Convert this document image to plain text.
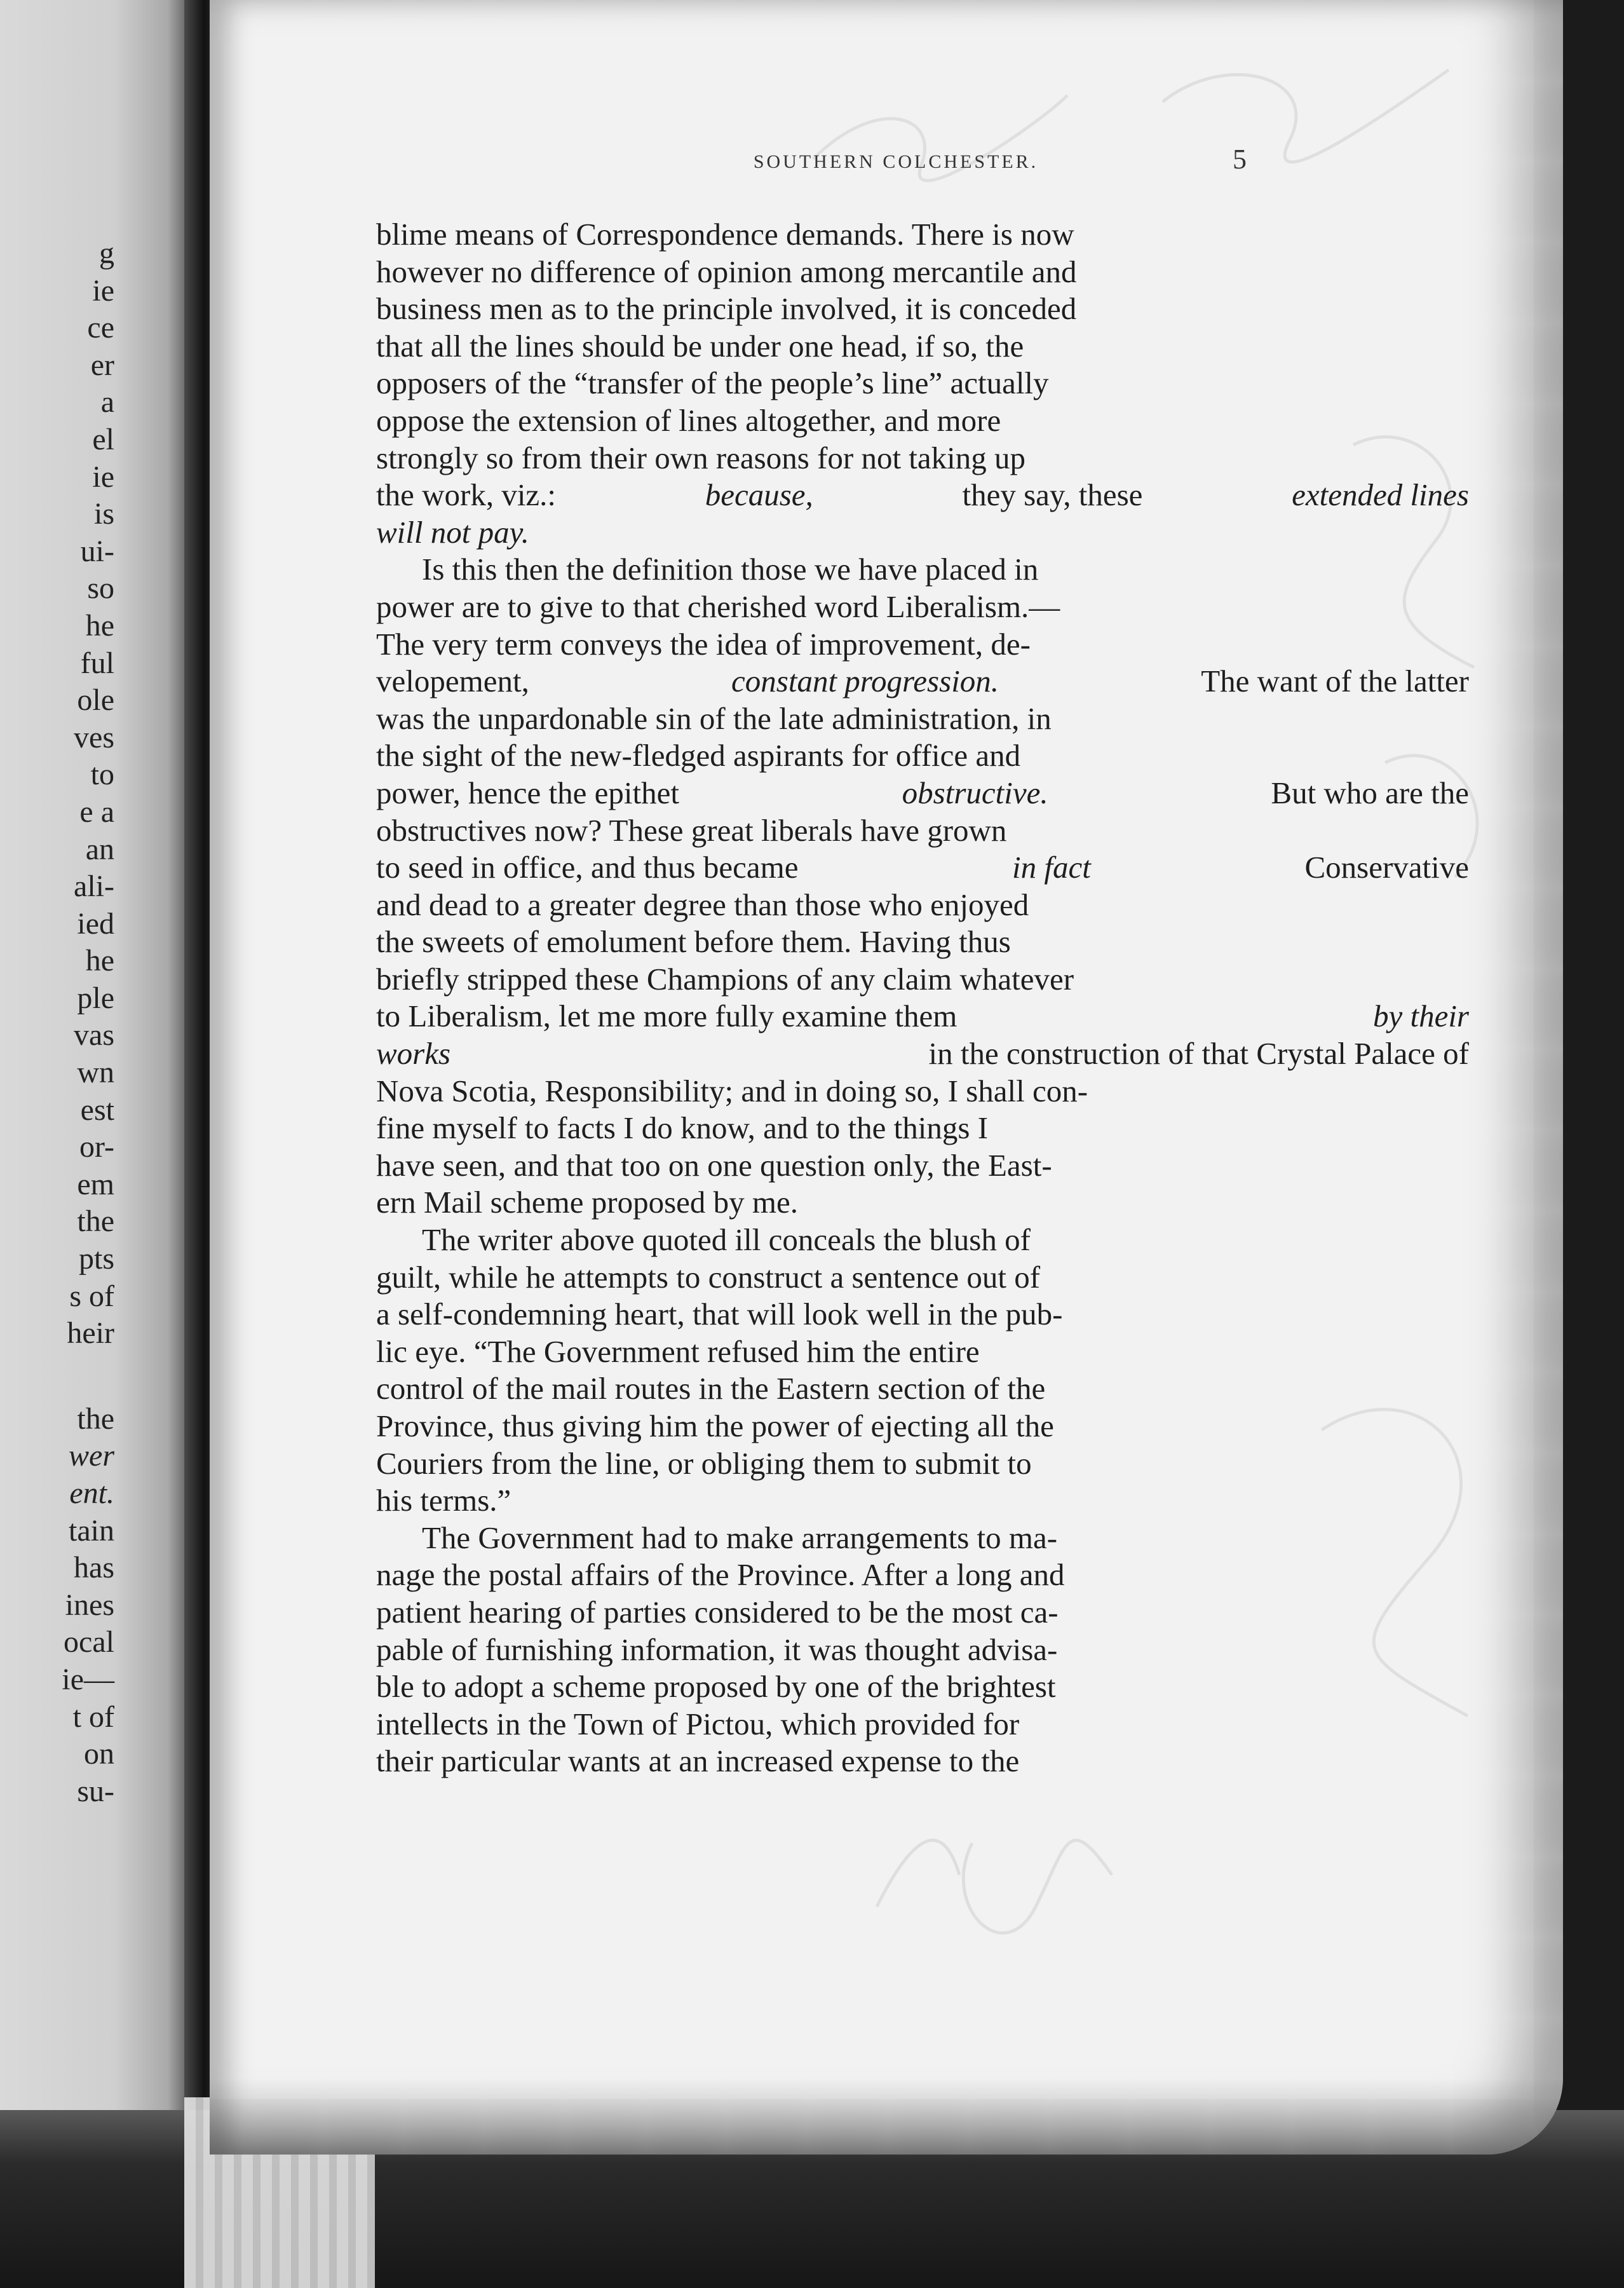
g
ie
ce
er
a
el
ie
is
ui-
so
he
ful
ole
ves
to
e a
an
ali-
ied
he
ple
vas
wn
est
or-
em
the
pts
s of
heir
the
wer
ent.
tain
has
ines
ocal
ie—
t of
on
su-
SOUTHERN COLCHESTER.	5
blime means of Correspondence demands. There is now
however no difference of opinion among mercantile and
business men as to the principle involved, it is conceded
that all the lines should be under one head, if so, the
opposers of the “transfer of the people’s line” actually
oppose the extension of lines altogether, and more
strongly so from their own reasons for not taking up
the work, viz.:	because,	they say, these	extended lines
will not pay.
Is this then the definition those we have placed in
power are to give to that cherished word Liberalism.—
The very term conveys the idea of improvement, de-
velopement,	constant progression.	The want of the latter
was the unpardonable sin of the late administration, in
the sight of the new-fledged aspirants for office and
power, hence the epithet	obstructive.	But who are the
obstructives now? These great liberals have grown
to seed in office, and thus became	in fact	Conservative
and dead to a greater degree than those who enjoyed
the sweets of emolument before them. Having thus
briefly stripped these Champions of any claim whatever
to Liberalism, let me more fully examine them	by their
works	in the construction of that Crystal Palace of
Nova Scotia, Responsibility; and in doing so, I shall con-
fine myself to facts I do know, and to the things I
have seen, and that too on one question only, the East-
ern Mail scheme proposed by me.
The writer above quoted ill conceals the blush of
guilt, while he attempts to construct a sentence out of
a self-condemning heart, that will look well in the pub-
lic eye. “The Government refused him the entire
control of the mail routes in the Eastern section of the
Province, thus giving him the power of ejecting all the
Couriers from the line, or obliging them to submit to
his terms.”
The Government had to make arrangements to ma-
nage the postal affairs of the Province. After a long and
patient hearing of parties considered to be the most ca-
pable of furnishing information, it was thought advisa-
ble to adopt a scheme proposed by one of the brightest
intellects in the Town of Pictou, which provided for
their particular wants at an increased expense to the
